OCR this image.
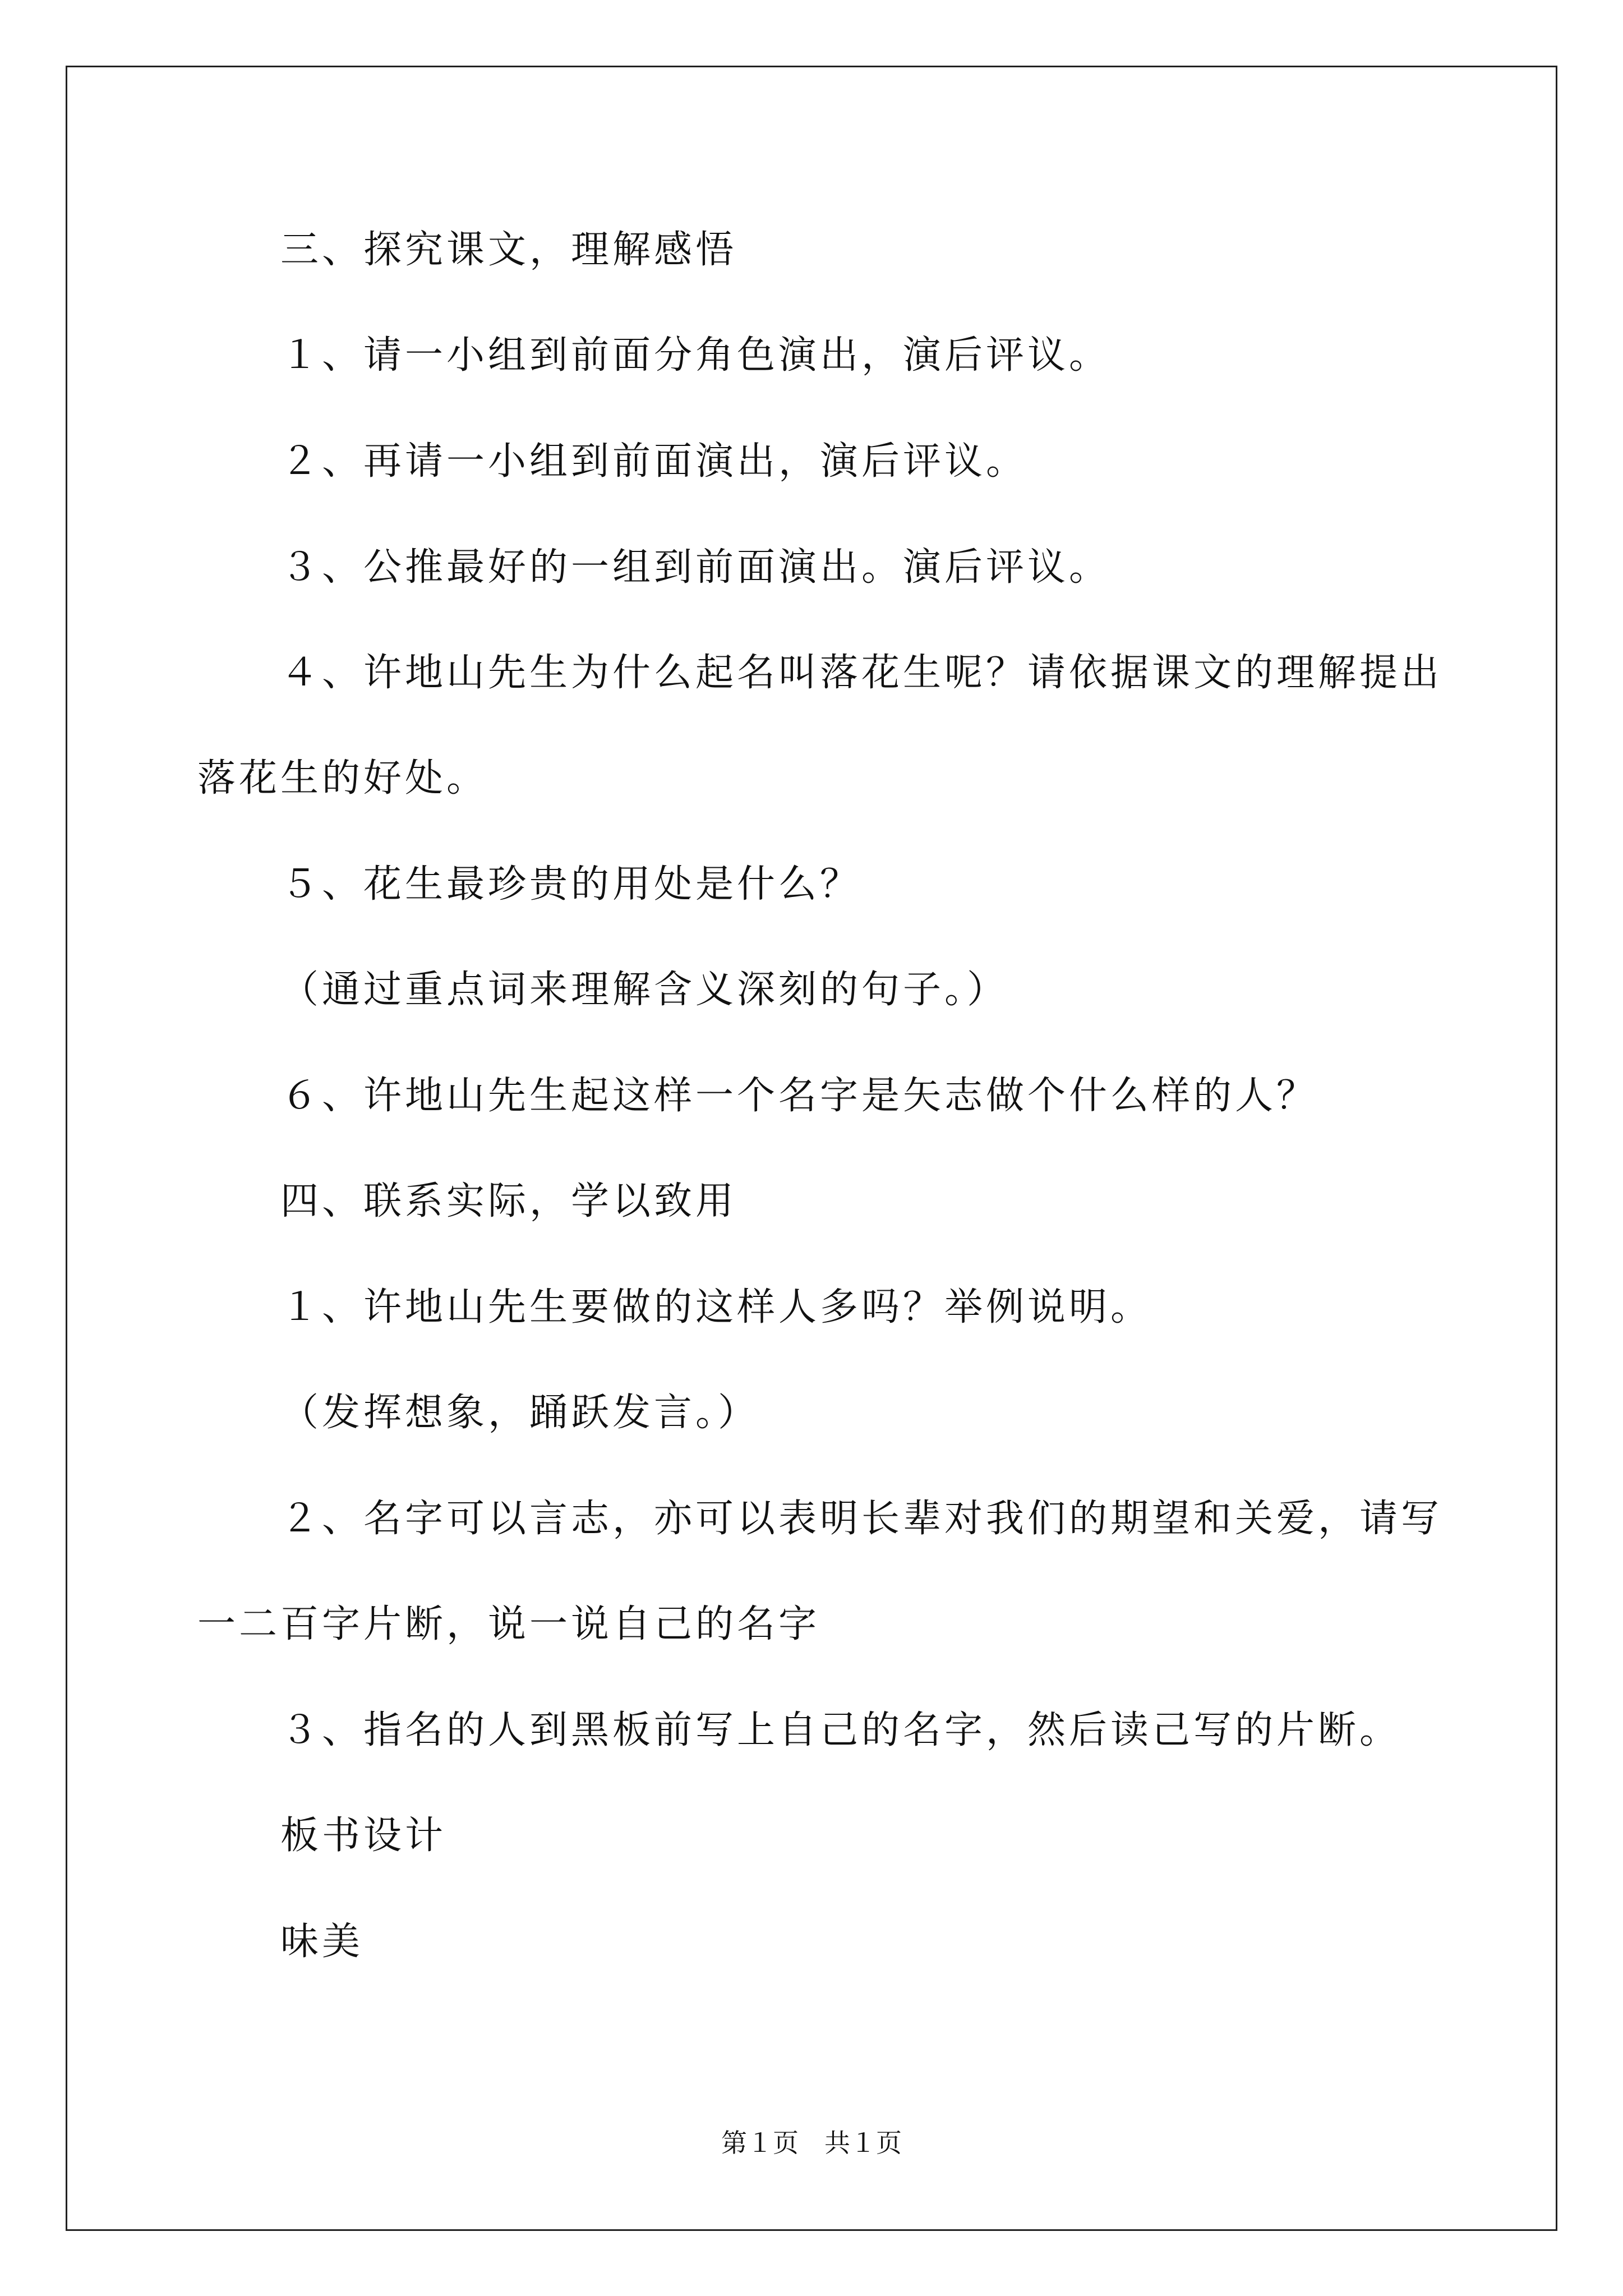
三、探究课文，理解感悟
１、请一小组到前面分角色演出，演后评议。
２、再请一小组到前面演出，演后评议。
３、公推最好的一组到前面演出。演后评议。
４、许地山先生为什么起名叫落花生呢？请依据课文的理解提出
落花生的好处。
５、花生最珍贵的用处是什么？
（通过重点词来理解含义深刻的句子。）
６、许地山先生起这样一个名字是矢志做个什么样的人？
四、联系实际，学以致用
１、许地山先生要做的这样人多吗？举例说明。
（发挥想象，踊跃发言。）
２、名字可以言志，亦可以表明长辈对我们的期望和关爱，请写
一二百字片断，说一说自己的名字
３、指名的人到黑板前写上自己的名字，然后读己写的片断。
板书设计
味美
第１页　共１页
